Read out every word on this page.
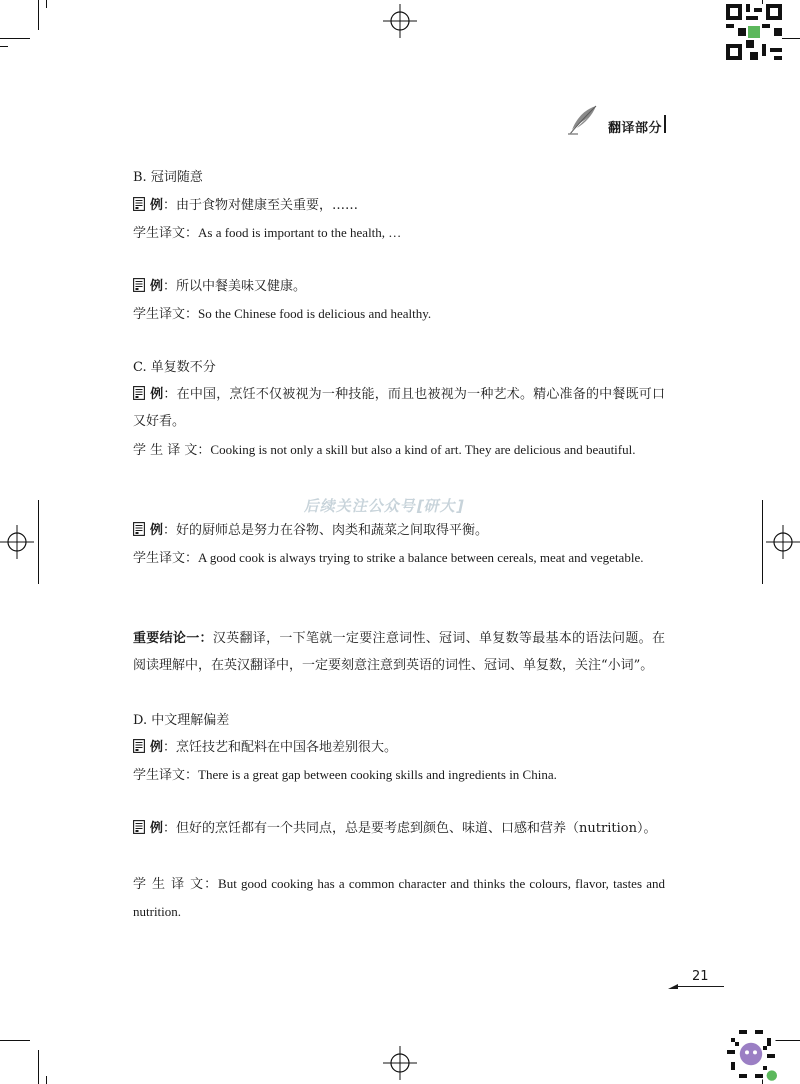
翻译部分
后续关注公众号[研大]
B. 冠词随意
例：由于食物对健康至关重要，……
学生译文：As a food is important to the health, …
例：所以中餐美味又健康。
学生译文：So the Chinese food is delicious and healthy.
C. 单复数不分
例：在中国，烹饪不仅被视为一种技能，而且也被视为一种艺术。精心准备的中餐既可口又好看。
学 生 译 文：Cooking is not only a skill but also a kind of art. They are delicious and beautiful.
例：好的厨师总是努力在谷物、肉类和蔬菜之间取得平衡。
学生译文：A good cook is always trying to strike a balance between cereals, meat and vegetable.
重要结论一：汉英翻译，一下笔就一定要注意词性、冠词、单复数等最基本的语法问题。在阅读理解中，在英汉翻译中，一定要刻意注意到英语的词性、冠词、单复数，关注“小词”。
D. 中文理解偏差
例：烹饪技艺和配料在中国各地差别很大。
学生译文：There is a great gap between cooking skills and ingredients in China.
例：但好的烹饪都有一个共同点，总是要考虑到颜色、味道、口感和营养（nutrition）。
学 生 译 文：But good cooking has a common character and thinks the colours, flavor, tastes and nutrition.
21
